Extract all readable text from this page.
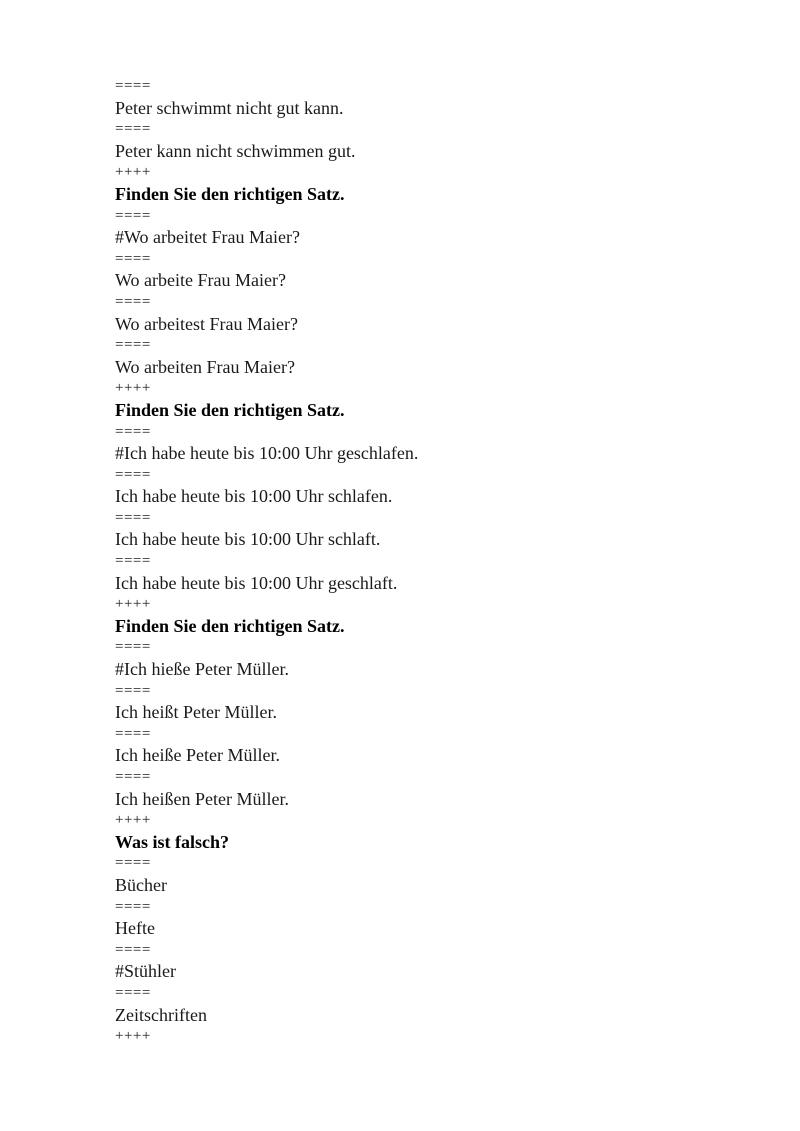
====
Peter schwimmt nicht gut kann.
====
Peter kann nicht schwimmen gut.
++++
Finden Sie den richtigen Satz.
====
#Wo arbeitet Frau Maier?
====
Wo arbeite Frau Maier?
====
Wo arbeitest Frau Maier?
====
Wo arbeiten Frau Maier?
++++
Finden Sie den richtigen Satz.
====
#Ich habe heute bis 10:00 Uhr geschlafen.
====
Ich habe heute bis 10:00 Uhr schlafen.
====
Ich habe heute bis 10:00 Uhr schlaft.
====
Ich habe heute bis 10:00 Uhr geschlaft.
++++
Finden Sie den richtigen Satz.
====
#Ich hieße Peter Müller.
====
Ich heißt Peter Müller.
====
Ich heiße Peter Müller.
====
Ich heißen Peter Müller.
++++
Was ist falsch?
====
Bücher
====
Hefte
====
#Stühler
====
Zeitschriften
++++
